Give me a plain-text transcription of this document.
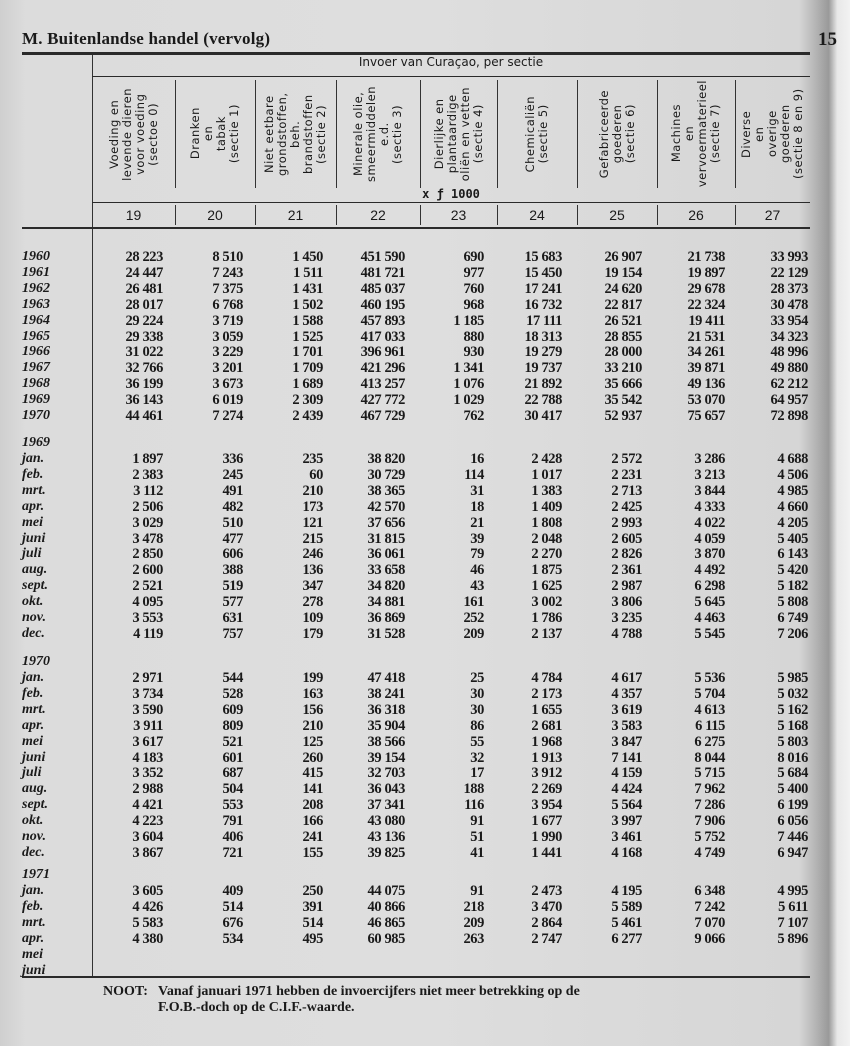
M. Buitenlandse handel (vervolg)	15
Invoer van Curaçao, per sectie
x ƒ 1000
Voeding en
levende dieren
voor voeding
(sectoe 0)
19
Dranken
en
tabak
(sectie 1)
20
Niet eetbare
grondstoffen, beh.
brandstoffen
(sectie 2)
21
Minerale olie,
smeermiddelen
e.d.
(sectie 3)
22
Dierlijke en
plantaardige
oliën en vetten
(sectie 4)
23
Chemicaliën
(sectie 5)
24
Gefabriceerde
goederen
(sectie 6)
25
Machines
en
vervoermaterieel
(sectie 7)
26
Diverse
en
overige goederen
(sectie 8 en 9)
27
1960	28 223	8 510	1 450	451 590	690	15 683	26 907	21 738	33 993
1961	24 447	7 243	1 511	481 721	977	15 450	19 154	19 897	22 129
1962	26 481	7 375	1 431	485 037	760	17 241	24 620	29 678	28 373
1963	28 017	6 768	1 502	460 195	968	16 732	22 817	22 324	30 478
1964	29 224	3 719	1 588	457 893	1 185	17 111	26 521	19 411	33 954
1965	29 338	3 059	1 525	417 033	880	18 313	28 855	21 531	34 323
1966	31 022	3 229	1 701	396 961	930	19 279	28 000	34 261	48 996
1967	32 766	3 201	1 709	421 296	1 341	19 737	33 210	39 871	49 880
1968	36 199	3 673	1 689	413 257	1 076	21 892	35 666	49 136	62 212
1969	36 143	6 019	2 309	427 772	1 029	22 788	35 542	53 070	64 957
1970	44 461	7 274	2 439	467 729	762	30 417	52 937	75 657	72 898
1969
jan.	1 897	336	235	38 820	16	2 428	2 572	3 286	4 688
feb.	2 383	245	60	30 729	114	1 017	2 231	3 213	4 506
mrt.	3 112	491	210	38 365	31	1 383	2 713	3 844	4 985
apr.	2 506	482	173	42 570	18	1 409	2 425	4 333	4 660
mei	3 029	510	121	37 656	21	1 808	2 993	4 022	4 205
juni	3 478	477	215	31 815	39	2 048	2 605	4 059	5 405
juli	2 850	606	246	36 061	79	2 270	2 826	3 870	6 143
aug.	2 600	388	136	33 658	46	1 875	2 361	4 492	5 420
sept.	2 521	519	347	34 820	43	1 625	2 987	6 298	5 182
okt.	4 095	577	278	34 881	161	3 002	3 806	5 645	5 808
nov.	3 553	631	109	36 869	252	1 786	3 235	4 463	6 749
dec.	4 119	757	179	31 528	209	2 137	4 788	5 545	7 206
1970
jan.	2 971	544	199	47 418	25	4 784	4 617	5 536	5 985
feb.	3 734	528	163	38 241	30	2 173	4 357	5 704	5 032
mrt.	3 590	609	156	36 318	30	1 655	3 619	4 613	5 162
apr.	3 911	809	210	35 904	86	2 681	3 583	6 115	5 168
mei	3 617	521	125	38 566	55	1 968	3 847	6 275	5 803
juni	4 183	601	260	39 154	32	1 913	7 141	8 044	8 016
juli	3 352	687	415	32 703	17	3 912	4 159	5 715	5 684
aug.	2 988	504	141	36 043	188	2 269	4 424	7 962	5 400
sept.	4 421	553	208	37 341	116	3 954	5 564	7 286	6 199
okt.	4 223	791	166	43 080	91	1 677	3 997	7 906	6 056
nov.	3 604	406	241	43 136	51	1 990	3 461	5 752	7 446
dec.	3 867	721	155	39 825	41	1 441	4 168	4 749	6 947
1971
jan.	3 605	409	250	44 075	91	2 473	4 195	6 348	4 995
feb.	4 426	514	391	40 866	218	3 470	5 589	7 242	5 611
mrt.	5 583	676	514	46 865	209	2 864	5 461	7 070	7 107
apr.	4 380	534	495	60 985	263	2 747	6 277	9 066	5 896
mei
juni
NOOT: Vanaf januari 1971 hebben de invoercijfers niet meer betrekking op de
F.O.B.-doch op de C.I.F.-waarde.
